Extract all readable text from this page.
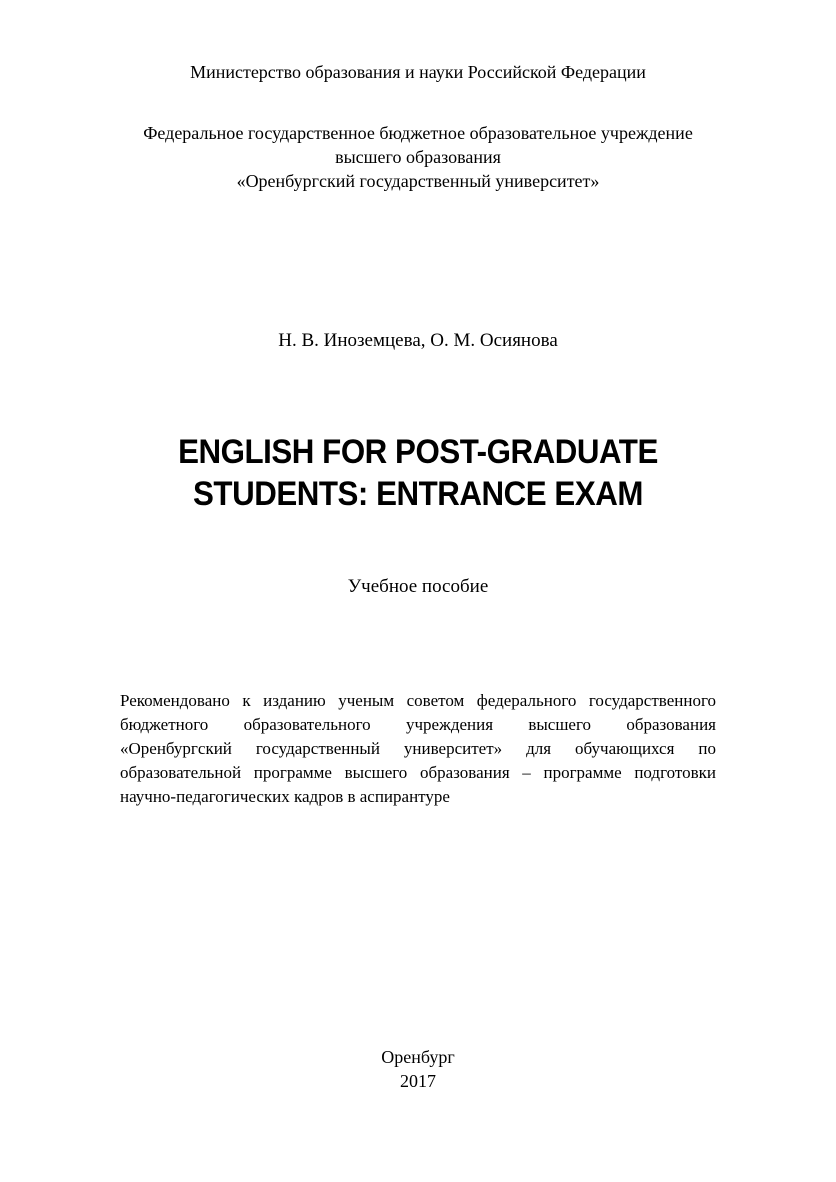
Министерство образования и науки Российской Федерации
Федеральное государственное бюджетное образовательное учреждение
высшего образования
«Оренбургский государственный университет»
Н. В. Иноземцева, О. М. Осиянова
ENGLISH FOR POST-GRADUATE
STUDENTS: ENTRANCE EXAM
Учебное пособие
Рекомендовано к изданию ученым советом федерального государственного
бюджетного образовательного учреждения высшего образования
«Оренбургский государственный университет» для обучающихся по
образовательной программе высшего образования – программе подготовки
научно-педагогических кадров в аспирантуре
Оренбург
2017
